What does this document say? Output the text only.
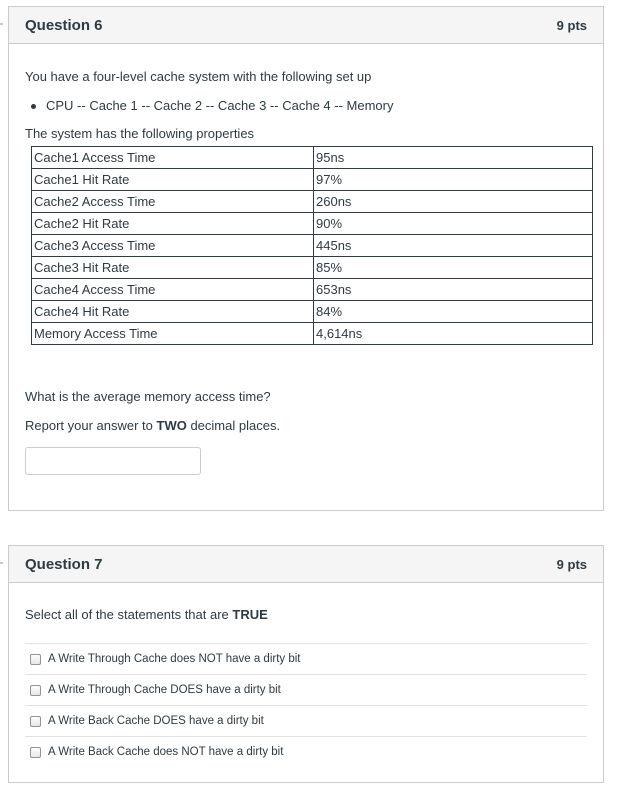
Question 6	9 pts

You have a four-level cache system with the following set up

CPU -- Cache 1 -- Cache 2 -- Cache 3 -- Cache 4 -- Memory

The system has the following properties

Cache1 Access Time	95ns
Cache1 Hit Rate	97%
Cache2 Access Time	260ns
Cache2 Hit Rate	90%
Cache3 Access Time	445ns
Cache3 Hit Rate	85%
Cache4 Access Time	653ns
Cache4 Hit Rate	84%
Memory Access Time	4,614ns

What is the average memory access time?

Report your answer to TWO decimal places.

Question 7	9 pts

Select all of the statements that are TRUE

A Write Through Cache does NOT have a dirty bit
A Write Through Cache DOES have a dirty bit
A Write Back Cache DOES have a dirty bit
A Write Back Cache does NOT have a dirty bit
